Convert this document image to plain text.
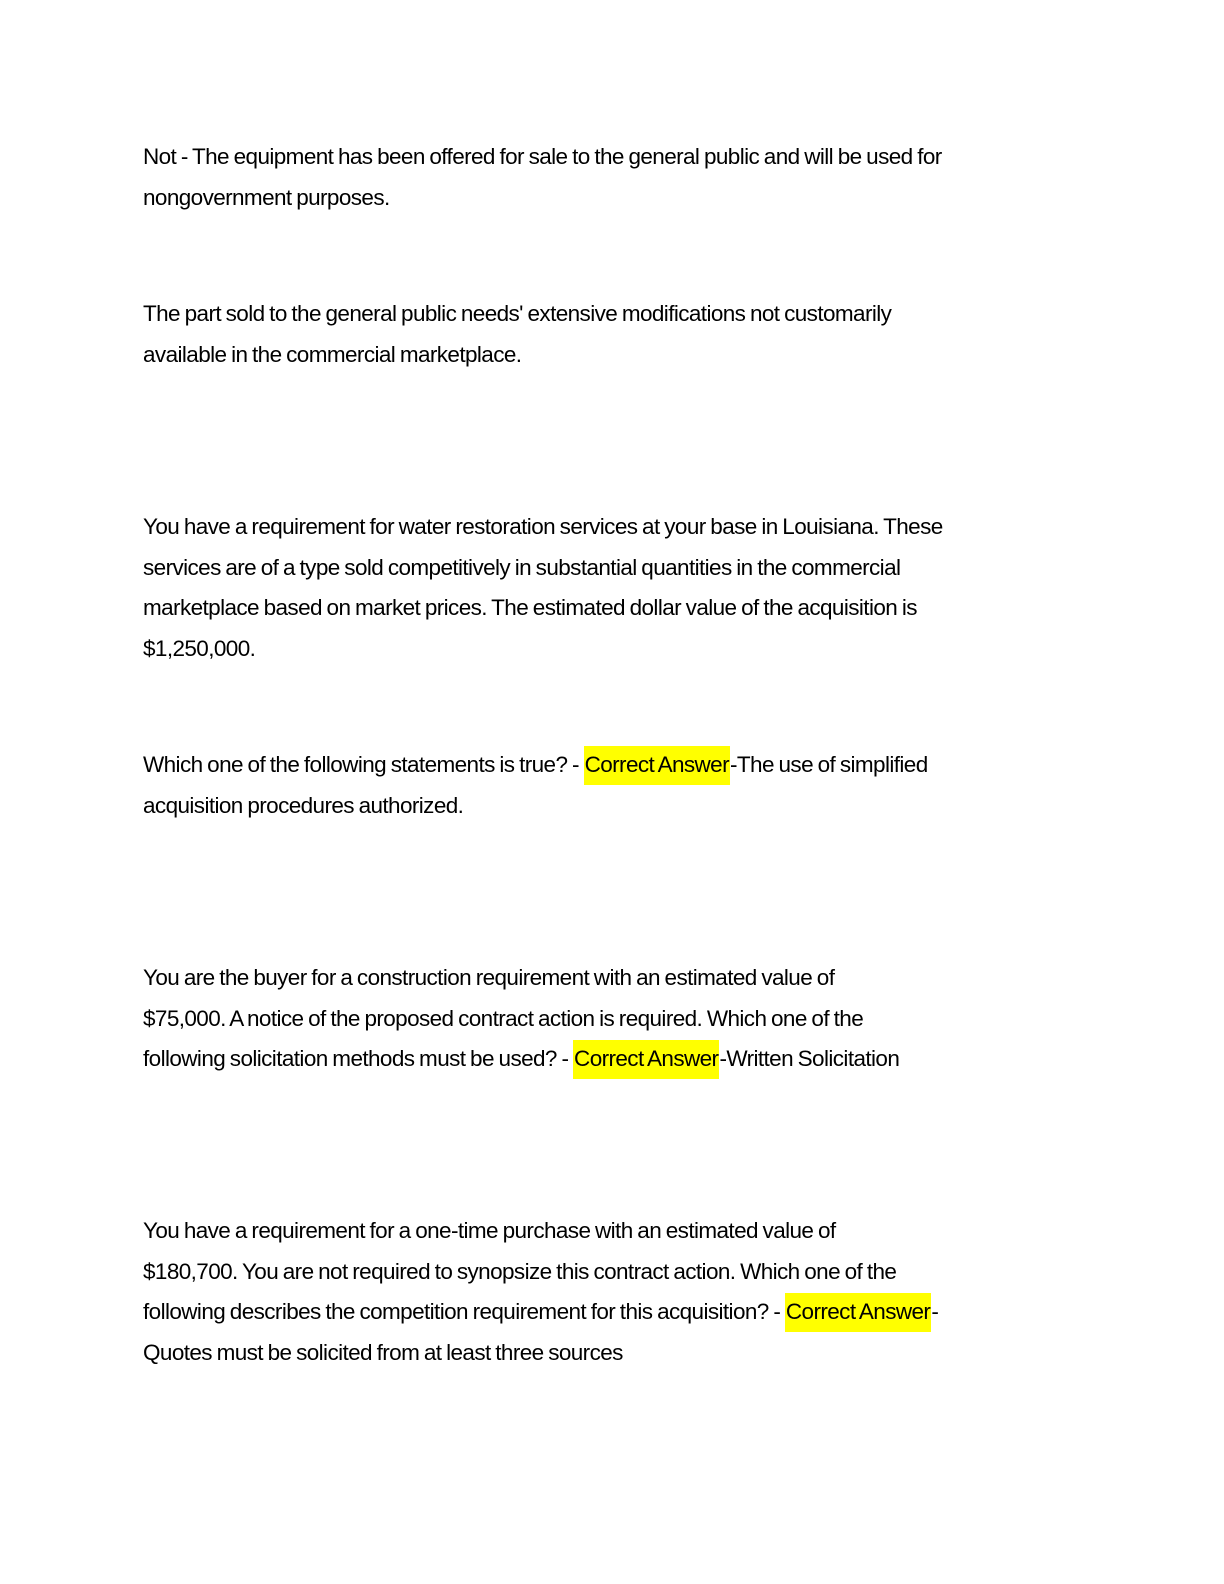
Not - The equipment has been offered for sale to the general public and will be used for
nongovernment purposes.

The part sold to the general public needs' extensive modifications not customarily
available in the commercial marketplace.

You have a requirement for water restoration services at your base in Louisiana. These
services are of a type sold competitively in substantial quantities in the commercial
marketplace based on market prices. The estimated dollar value of the acquisition is
$1,250,000.

Which one of the following statements is true? - Correct Answer-The use of simplified
acquisition procedures authorized.

You are the buyer for a construction requirement with an estimated value of
$75,000. A notice of the proposed contract action is required. Which one of the
following solicitation methods must be used? - Correct Answer-Written Solicitation

You have a requirement for a one-time purchase with an estimated value of
$180,700. You are not required to synopsize this contract action. Which one of the
following describes the competition requirement for this acquisition? - Correct Answer-
Quotes must be solicited from at least three sources
